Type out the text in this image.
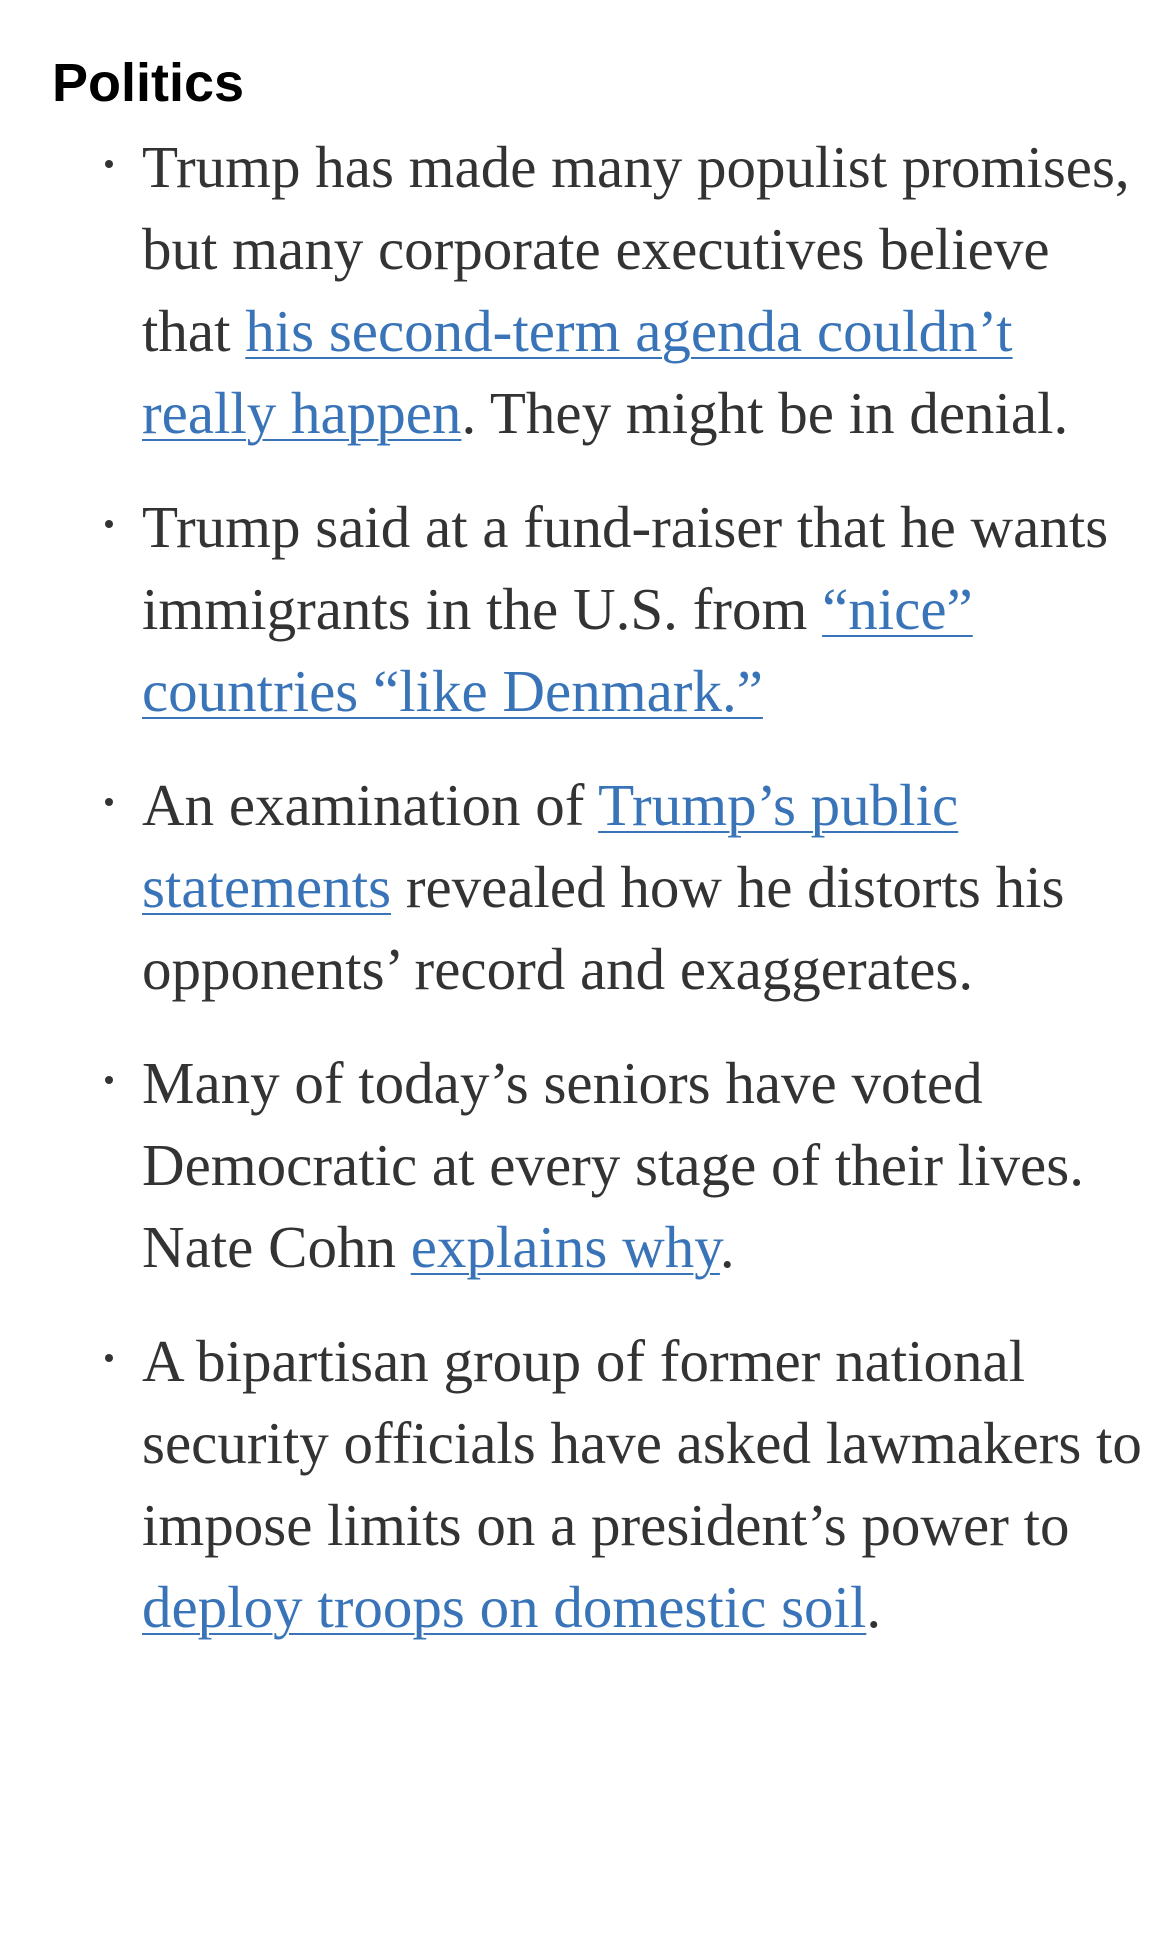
Politics
Trump has made many populist promises, but many corporate executives believe that his second-term agenda couldn’t really happen. They might be in denial.
Trump said at a fund-raiser that he wants immigrants in the U.S. from “nice” countries “like Denmark.”
An examination of Trump’s public statements revealed how he distorts his opponents’ record and exaggerates.
Many of today’s seniors have voted Democratic at every stage of their lives. Nate Cohn explains why.
A bipartisan group of former national security officials have asked lawmakers to impose limits on a president’s power to deploy troops on domestic soil.
